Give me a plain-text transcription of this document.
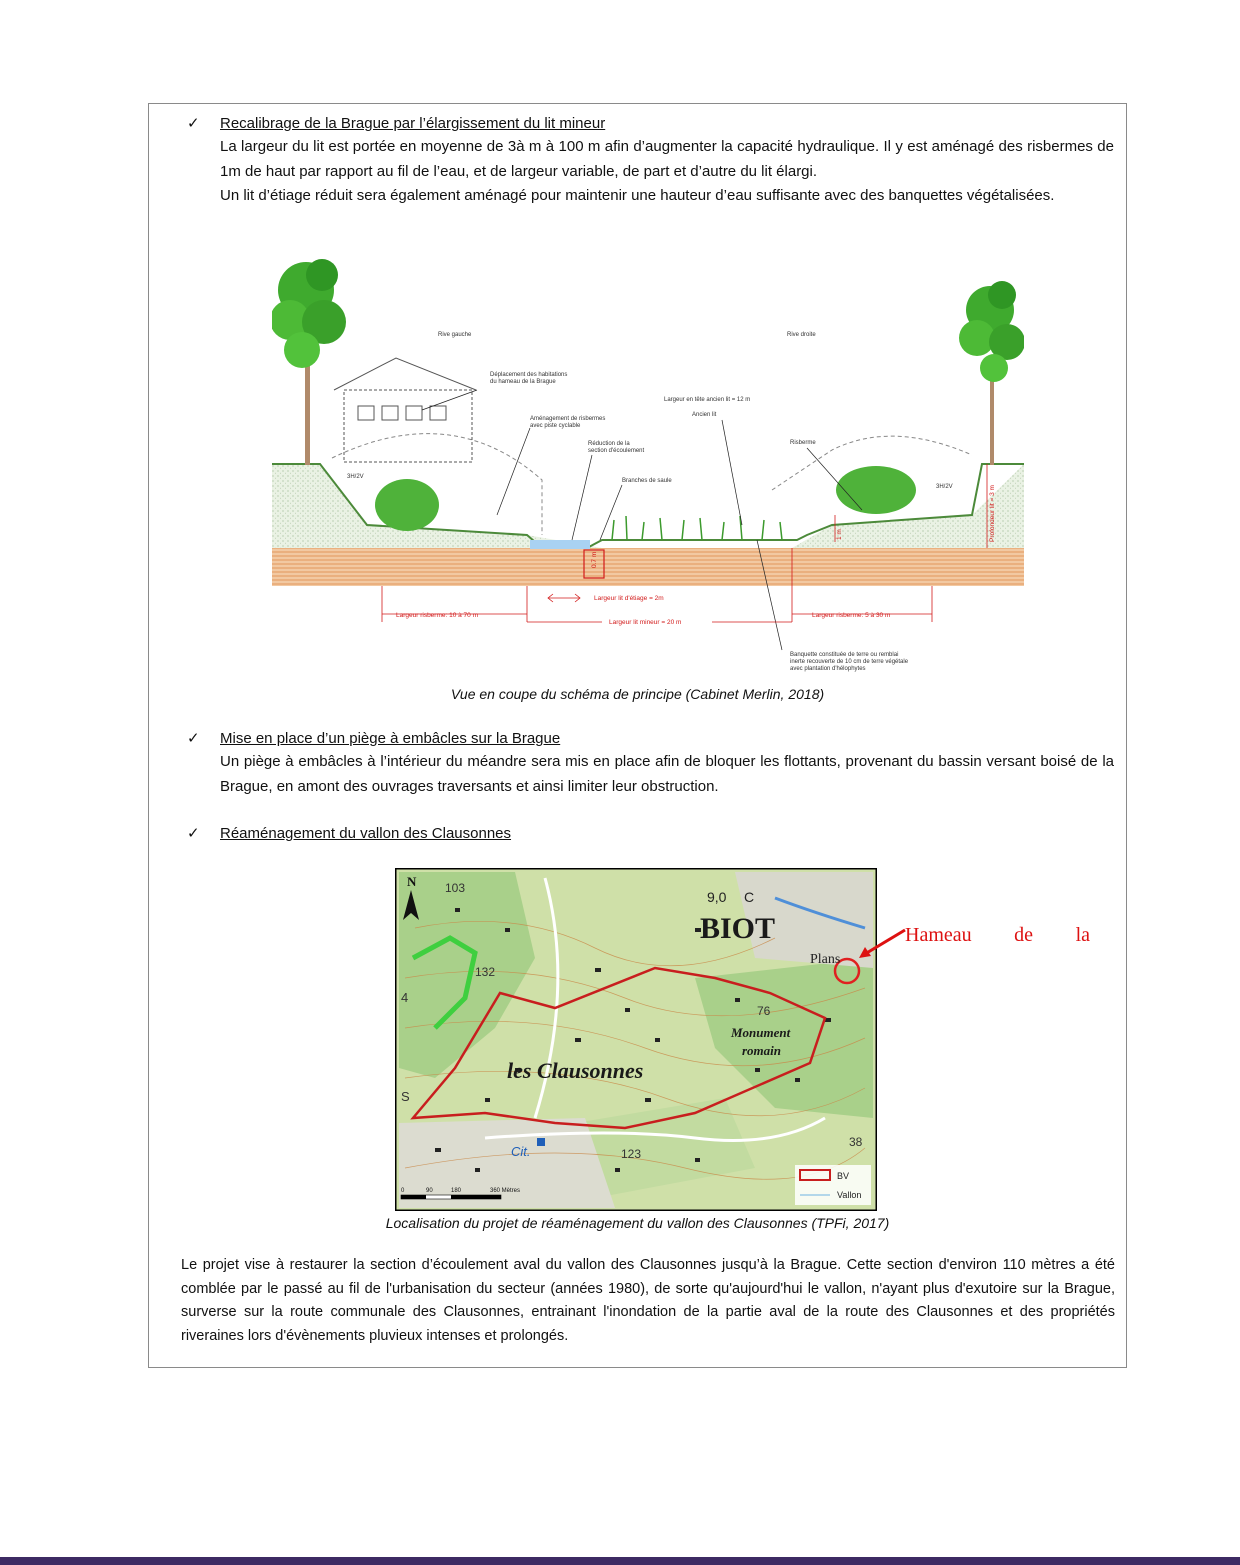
✓ Recalibrage de la Brague par l’élargissement du lit mineur

La largeur du lit est portée en moyenne de 3à m à 100 m afin d’augmenter la capacité hydraulique. Il y est aménagé des risbermes de 1m de haut par rapport au fil de l’eau, et de largeur variable, de part et d’autre du lit élargi.

Un lit d’étiage réduit sera également aménagé pour maintenir une hauteur d’eau suffisante avec des banquettes végétalisées.

Rive gauche	Rive droite
Déplacement des habitations
du hameau de la Brague
Largeur en tête ancien lit = 12 m
Ancien lit
Aménagement de risbermes
avec piste cyclable
Réduction de la
section d'écoulement
Branches de saule
Risberme
3H/2V
3H/2V	Profondeur lit = 3 m
1 m
0.7 m
Largeur lit d'étiage = 2m
Largeur lit mineur = 20 m
Largeur risberme: 10 à 70 m	Largeur risberme: 5 à 30 m
Banquette constituée de terre ou remblai
inerte recouverte de 10 cm de terre végétale
avec plantation d'hélophytes
Vue en coupe du schéma de principe (Cabinet Merlin, 2018)
✓ Mise en place d’un piège à embâcles sur la Brague

Un piège à embâcles à l’intérieur du méandre sera mis en place afin de bloquer les flottants, provenant du bassin versant boisé de la Brague, en amont des ouvrages traversants et ainsi limiter leur obstruction.

✓ Réaménagement du vallon des Clausonnes
N
BIOT
Plans
les Clausonnes
Monument
romain
Cit.
103
132
76
123
38
9,0 C
4
S
BV
Vallon
0	90	180	360 Mètres
Hameau de la
Localisation du projet de réaménagement du vallon des Clausonnes (TPFi, 2017)

Le projet vise à restaurer la section d’écoulement aval du vallon des Clausonnes jusqu’à la Brague. Cette section d'environ 110 mètres a été comblée par le passé au fil de l'urbanisation du secteur (années 1980), de sorte qu'aujourd'hui le vallon, n'ayant plus d'exutoire sur la Brague, surverse sur la route communale des Clausonnes, entrainant l'inondation de la partie aval de la route des Clausonnes et des propriétés riveraines lors d'évènements pluvieux intenses et prolongés.
